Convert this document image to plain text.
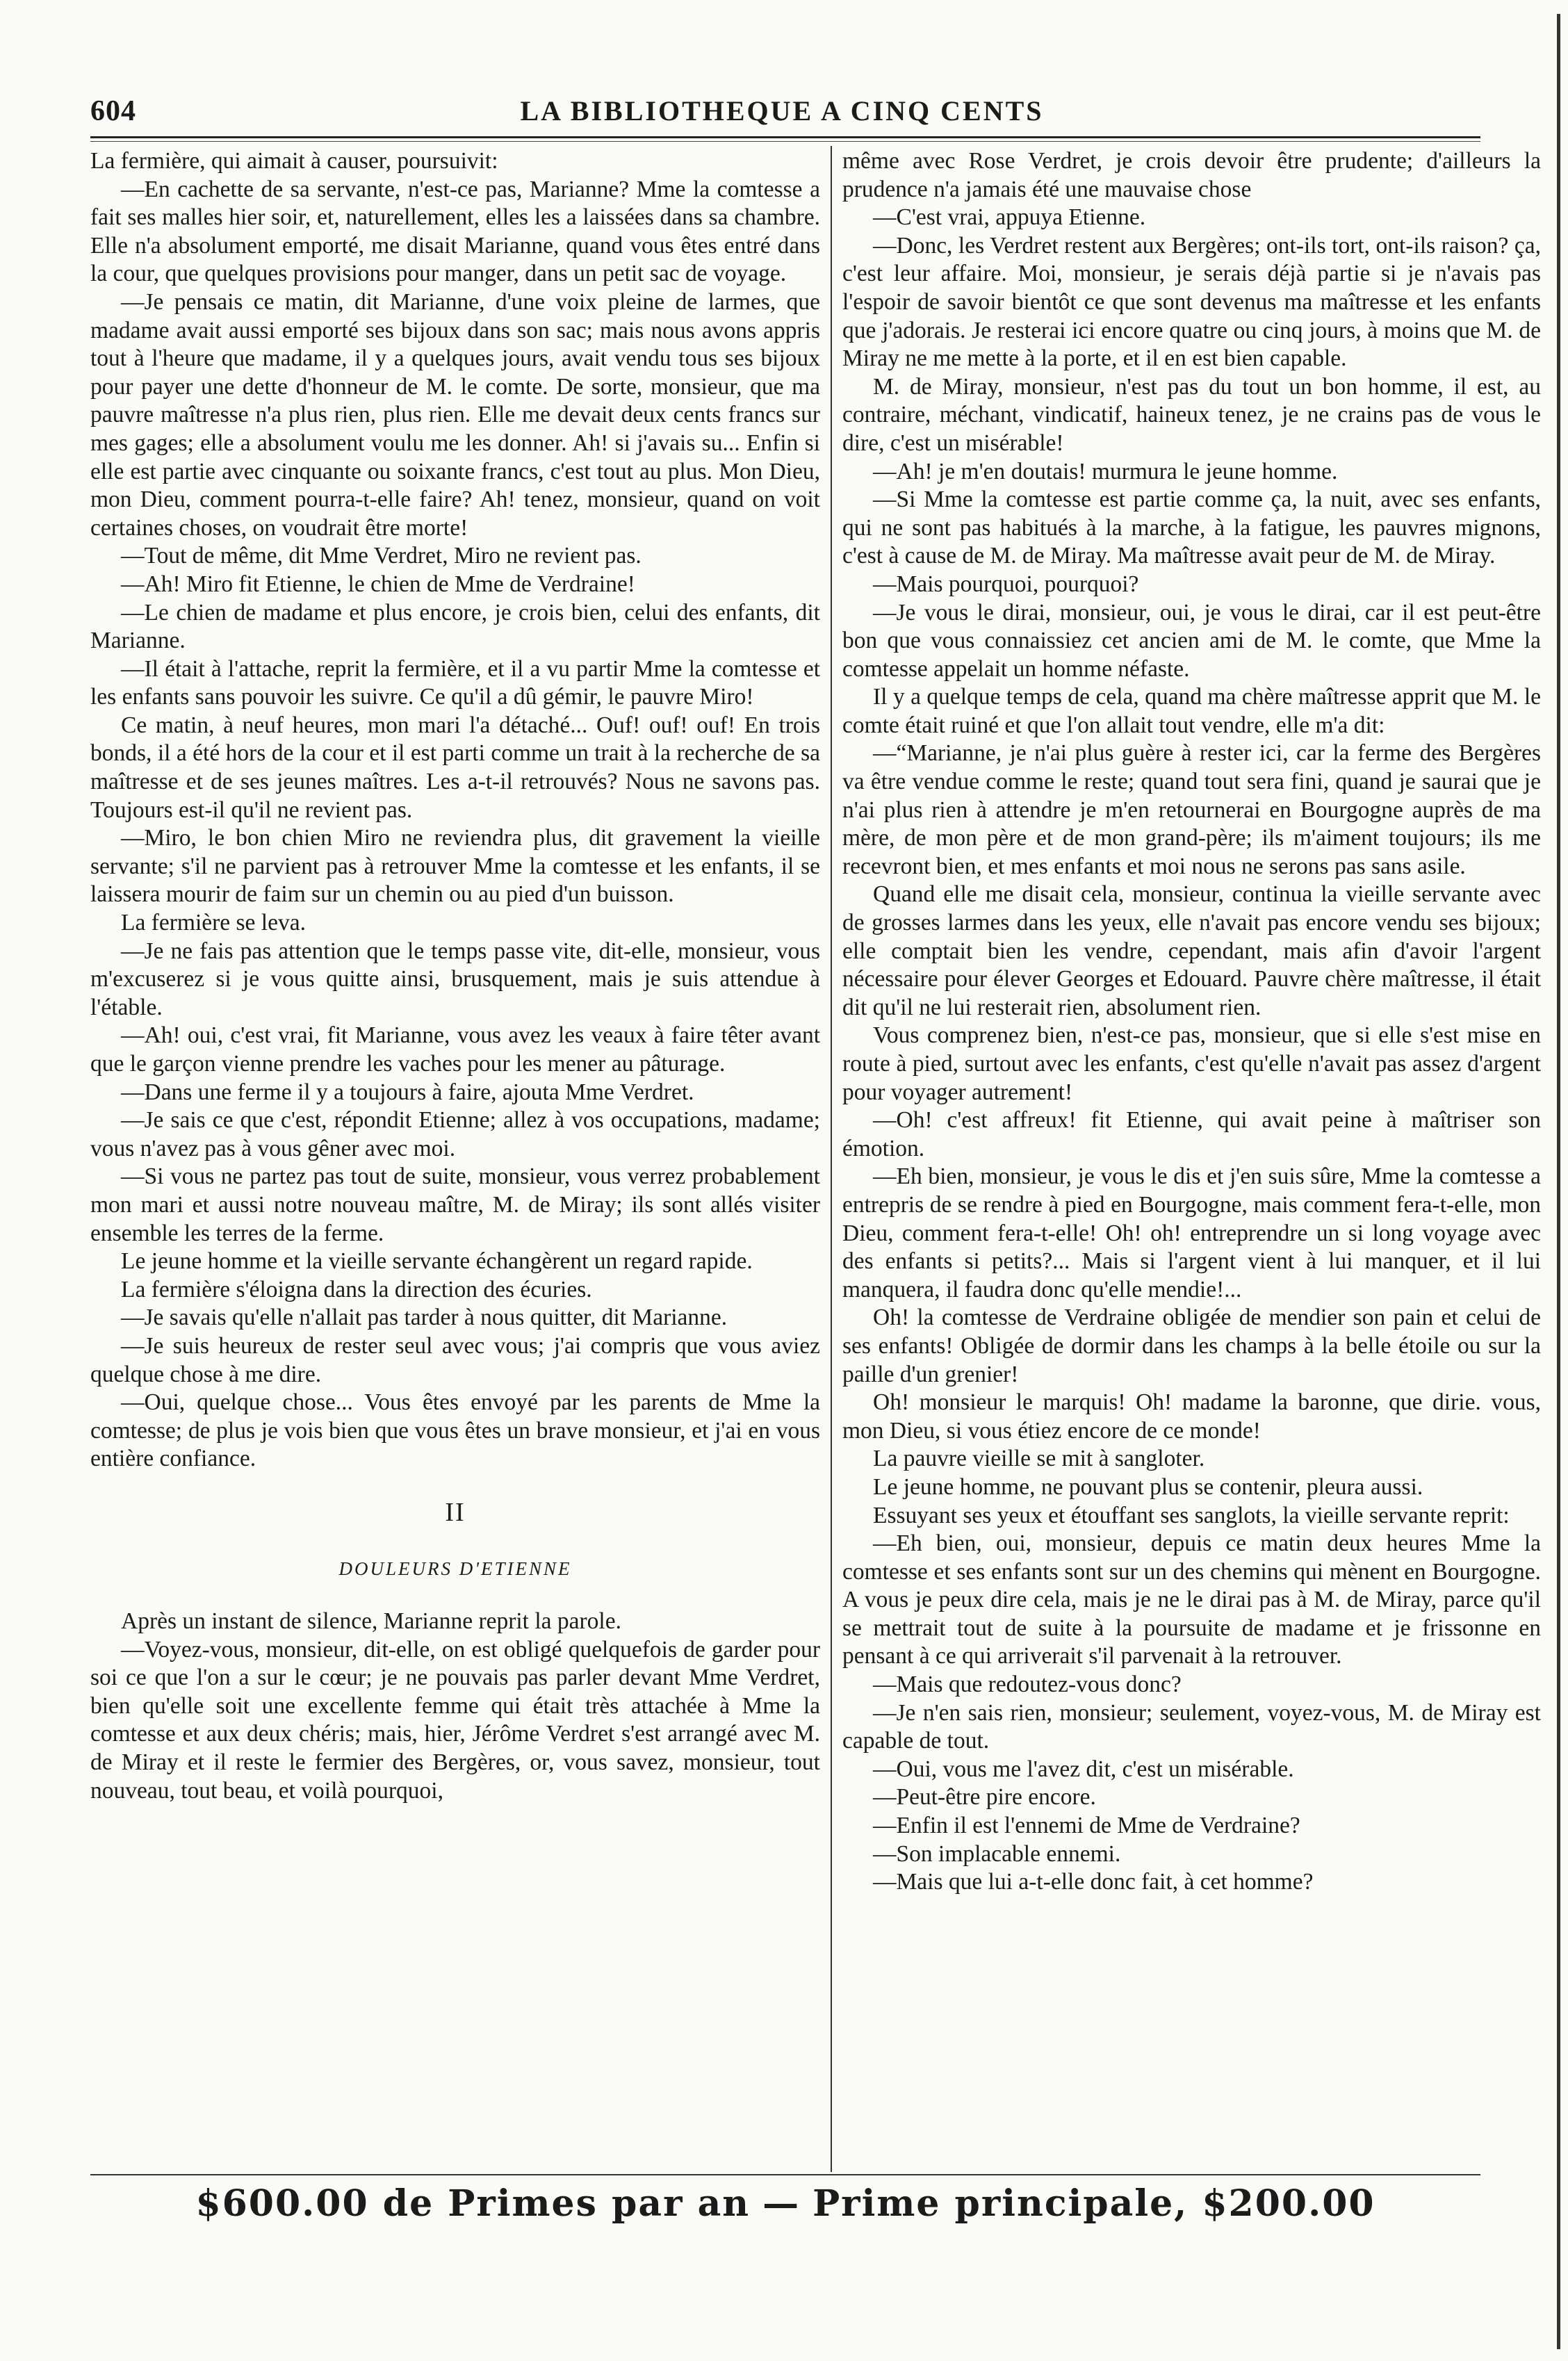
604	LA BIBLIOTHEQUE A CINQ CENTS

La fermière, qui aimait à causer, poursuivit:

—En cachette de sa servante, n'est-ce pas, Marianne? Mme la comtesse a fait ses malles hier soir, et, naturellement, elles les a laissées dans sa chambre. Elle n'a absolument emporté, me disait Marianne, quand vous êtes entré dans la cour, que quelques provisions pour manger, dans un petit sac de voyage.

—Je pensais ce matin, dit Marianne, d'une voix pleine de larmes, que madame avait aussi emporté ses bijoux dans son sac; mais nous avons appris tout à l'heure que madame, il y a quelques jours, avait vendu tous ses bijoux pour payer une dette d'honneur de M. le comte. De sorte, monsieur, que ma pauvre maîtresse n'a plus rien, plus rien. Elle me devait deux cents francs sur mes gages; elle a absolument voulu me les donner. Ah! si j'avais su... Enfin si elle est partie avec cinquante ou soixante francs, c'est tout au plus. Mon Dieu, mon Dieu, comment pourra-t-elle faire? Ah! tenez, monsieur, quand on voit certaines choses, on voudrait être morte!

—Tout de même, dit Mme Verdret, Miro ne revient pas.

—Ah! Miro fit Etienne, le chien de Mme de Verdraine!

—Le chien de madame et plus encore, je crois bien, celui des enfants, dit Marianne.

—Il était à l'attache, reprit la fermière, et il a vu partir Mme la comtesse et les enfants sans pouvoir les suivre. Ce qu'il a dû gémir, le pauvre Miro!

Ce matin, à neuf heures, mon mari l'a détaché... Ouf! ouf! ouf! En trois bonds, il a été hors de la cour et il est parti comme un trait à la recherche de sa maîtresse et de ses jeunes maîtres. Les a-t-il retrouvés? Nous ne savons pas. Toujours est-il qu'il ne revient pas.

—Miro, le bon chien Miro ne reviendra plus, dit gravement la vieille servante; s'il ne parvient pas à retrouver Mme la comtesse et les enfants, il se laissera mourir de faim sur un chemin ou au pied d'un buisson.

La fermière se leva.

—Je ne fais pas attention que le temps passe vite, dit-elle, monsieur, vous m'excuserez si je vous quitte ainsi, brusquement, mais je suis attendue à l'étable.

—Ah! oui, c'est vrai, fit Marianne, vous avez les veaux à faire têter avant que le garçon vienne prendre les vaches pour les mener au pâturage.

—Dans une ferme il y a toujours à faire, ajouta Mme Verdret.

—Je sais ce que c'est, répondit Etienne; allez à vos occupations, madame; vous n'avez pas à vous gêner avec moi.

—Si vous ne partez pas tout de suite, monsieur, vous verrez probablement mon mari et aussi notre nouveau maître, M. de Miray; ils sont allés visiter ensemble les terres de la ferme.

Le jeune homme et la vieille servante échangèrent un regard rapide.

La fermière s'éloigna dans la direction des écuries.

—Je savais qu'elle n'allait pas tarder à nous quitter, dit Marianne.

—Je suis heureux de rester seul avec vous; j'ai compris que vous aviez quelque chose à me dire.

—Oui, quelque chose... Vous êtes envoyé par les parents de Mme la comtesse; de plus je vois bien que vous êtes un brave monsieur, et j'ai en vous entière confiance.

II
DOULEURS D'ETIENNE

Après un instant de silence, Marianne reprit la parole.

—Voyez-vous, monsieur, dit-elle, on est obligé quelquefois de garder pour soi ce que l'on a sur le cœur; je ne pouvais pas parler devant Mme Verdret, bien qu'elle soit une excellente femme qui était très attachée à Mme la comtesse et aux deux chéris; mais, hier, Jérôme Verdret s'est arrangé avec M. de Miray et il reste le fermier des Bergères, or, vous savez, monsieur, tout nouveau, tout beau, et voilà pourquoi,

même avec Rose Verdret, je crois devoir être prudente; d'ailleurs la prudence n'a jamais été une mauvaise chose

—C'est vrai, appuya Etienne.

—Donc, les Verdret restent aux Bergères; ont-ils tort, ont-ils raison? ça, c'est leur affaire. Moi, monsieur, je serais déjà partie si je n'avais pas l'espoir de savoir bientôt ce que sont devenus ma maîtresse et les enfants que j'adorais. Je resterai ici encore quatre ou cinq jours, à moins que M. de Miray ne me mette à la porte, et il en est bien capable.

M. de Miray, monsieur, n'est pas du tout un bon homme, il est, au contraire, méchant, vindicatif, haineux tenez, je ne crains pas de vous le dire, c'est un misérable!

—Ah! je m'en doutais! murmura le jeune homme.

—Si Mme la comtesse est partie comme ça, la nuit, avec ses enfants, qui ne sont pas habitués à la marche, à la fatigue, les pauvres mignons, c'est à cause de M. de Miray. Ma maîtresse avait peur de M. de Miray.

—Mais pourquoi, pourquoi?

—Je vous le dirai, monsieur, oui, je vous le dirai, car il est peut-être bon que vous connaissiez cet ancien ami de M. le comte, que Mme la comtesse appelait un homme néfaste.

Il y a quelque temps de cela, quand ma chère maîtresse apprit que M. le comte était ruiné et que l'on allait tout vendre, elle m'a dit:

—“Marianne, je n'ai plus guère à rester ici, car la ferme des Bergères va être vendue comme le reste; quand tout sera fini, quand je saurai que je n'ai plus rien à attendre je m'en retournerai en Bourgogne auprès de ma mère, de mon père et de mon grand-père; ils m'aiment toujours; ils me recevront bien, et mes enfants et moi nous ne serons pas sans asile.

Quand elle me disait cela, monsieur, continua la vieille servante avec de grosses larmes dans les yeux, elle n'avait pas encore vendu ses bijoux; elle comptait bien les vendre, cependant, mais afin d'avoir l'argent nécessaire pour élever Georges et Edouard. Pauvre chère maîtresse, il était dit qu'il ne lui resterait rien, absolument rien.

Vous comprenez bien, n'est-ce pas, monsieur, que si elle s'est mise en route à pied, surtout avec les enfants, c'est qu'elle n'avait pas assez d'argent pour voyager autrement!

—Oh! c'est affreux! fit Etienne, qui avait peine à maîtriser son émotion.

—Eh bien, monsieur, je vous le dis et j'en suis sûre, Mme la comtesse a entrepris de se rendre à pied en Bourgogne, mais comment fera-t-elle, mon Dieu, comment fera-t-elle! Oh! oh! entreprendre un si long voyage avec des enfants si petits?... Mais si l'argent vient à lui manquer, et il lui manquera, il faudra donc qu'elle mendie!...

Oh! la comtesse de Verdraine obligée de mendier son pain et celui de ses enfants! Obligée de dormir dans les champs à la belle étoile ou sur la paille d'un grenier!

Oh! monsieur le marquis! Oh! madame la baronne, que dirie. vous, mon Dieu, si vous étiez encore de ce monde!

La pauvre vieille se mit à sangloter.

Le jeune homme, ne pouvant plus se contenir, pleura aussi.

Essuyant ses yeux et étouffant ses sanglots, la vieille servante reprit:

—Eh bien, oui, monsieur, depuis ce matin deux heures Mme la comtesse et ses enfants sont sur un des chemins qui mènent en Bourgogne. A vous je peux dire cela, mais je ne le dirai pas à M. de Miray, parce qu'il se mettrait tout de suite à la poursuite de madame et je frissonne en pensant à ce qui arriverait s'il parvenait à la retrouver.

—Mais que redoutez-vous donc?

—Je n'en sais rien, monsieur; seulement, voyez-vous, M. de Miray est capable de tout.

—Oui, vous me l'avez dit, c'est un misérable.

—Peut-être pire encore.

—Enfin il est l'ennemi de Mme de Verdraine?

—Son implacable ennemi.

—Mais que lui a-t-elle donc fait, à cet homme?

$600.00 de Primes par an — Prime principale, $200.00
